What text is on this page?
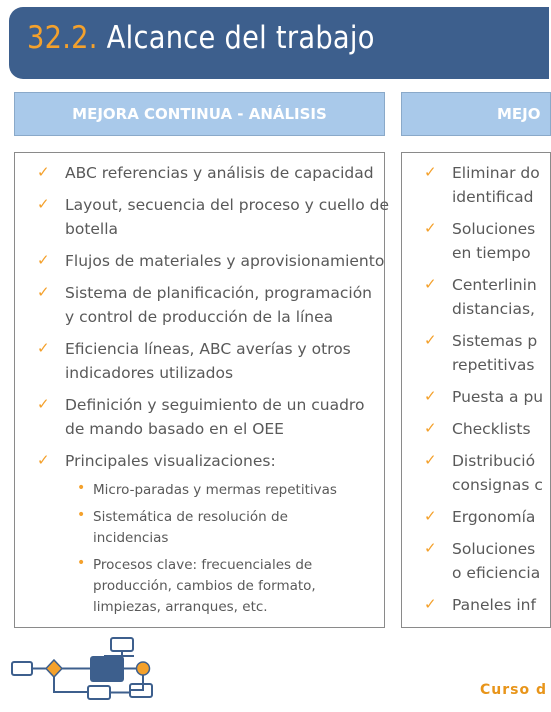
32.2. Alcance del trabajo
MEJORA CONTINUA - ANÁLISIS	MEJO
✓ ABC referencias y análisis de capacidad
✓ Layout, secuencia del proceso y cuello de
botella
✓ Flujos de materiales y aprovisionamiento
✓ Sistema de planificación, programación
y control de producción de la línea
✓ Eficiencia líneas, ABC averías y otros
indicadores utilizados
✓ Definición y seguimiento de un cuadro
de mando basado en el OEE
✓ Principales visualizaciones:
• Micro-paradas y mermas repetitivas
• Sistemática de resolución de
incidencias
• Procesos clave: frecuenciales de
producción, cambios de formato,
limpiezas, arranques, etc.
✓ Eliminar do
identificad
✓ Soluciones
en tiempo
✓ Centerlinin
distancias,
✓ Sistemas p
repetitivas
✓ Puesta a pu
✓ Checklists
✓ Distribució
consignas c
✓ Ergonomía
✓ Soluciones
o eficiencia
✓ Paneles inf
Curso d
